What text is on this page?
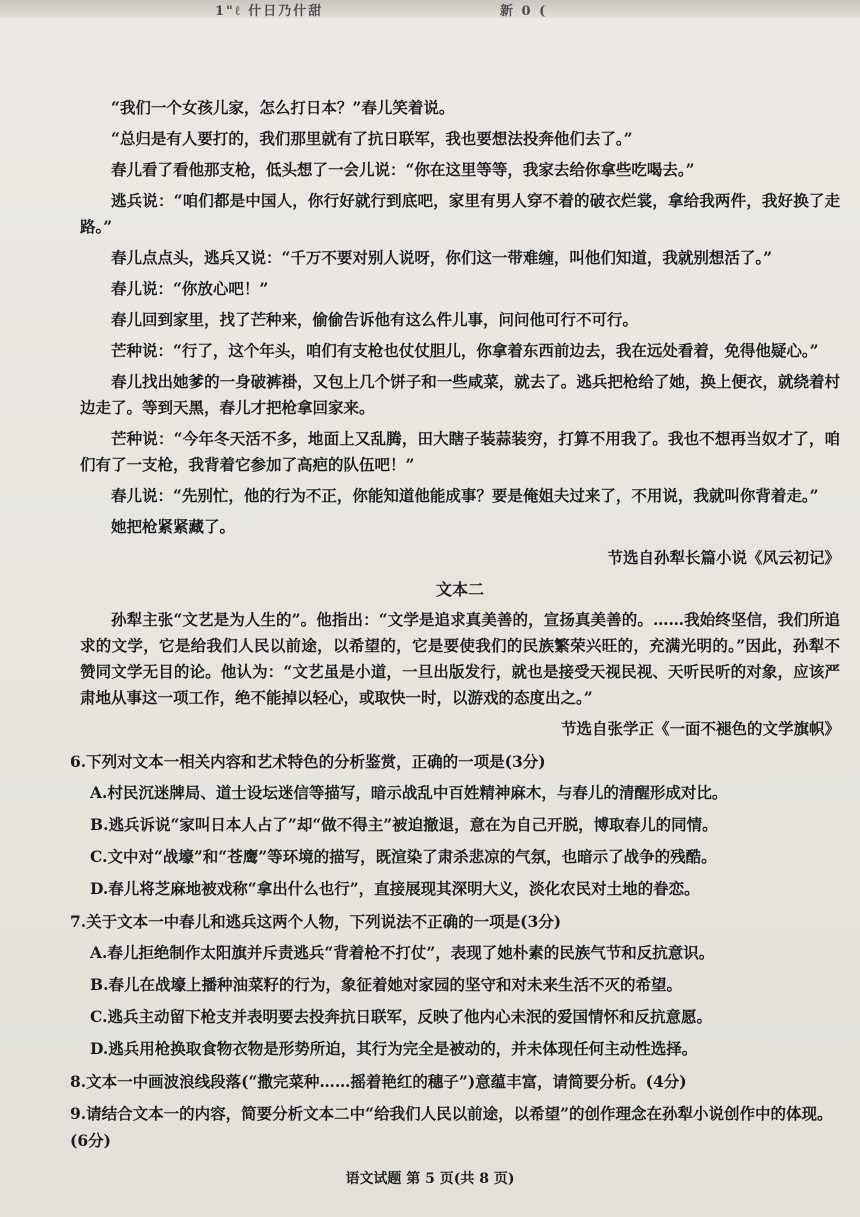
1"ℓ 什日乃什甜	新 0 (

“我们一个女孩儿家，怎么打日本？”春儿笑着说。

“总归是有人要打的，我们那里就有了抗日联军，我也要想法投奔他们去了。”

春儿看了看他那支枪，低头想了一会儿说：“你在这里等等，我家去给你拿些吃喝去。”

逃兵说：“咱们都是中国人，你行好就行到底吧，家里有男人穿不着的破衣烂裳，拿给我两件，我好换了走路。”

春儿点点头，逃兵又说：“千万不要对别人说呀，你们这一带难缠，叫他们知道，我就别想活了。”

春儿说：“你放心吧！”

春儿回到家里，找了芒种来，偷偷告诉他有这么件儿事，问问他可行不可行。

芒种说：“行了，这个年头，咱们有支枪也仗仗胆儿，你拿着东西前边去，我在远处看着，免得他疑心。”

春儿找出她爹的一身破裤褂，又包上几个饼子和一些咸菜，就去了。逃兵把枪给了她，换上便衣，就绕着村边走了。等到天黑，春儿才把枪拿回家来。

芒种说：“今年冬天活不多，地面上又乱腾，田大瞎子装蒜装穷，打算不用我了。我也不想再当奴才了，咱们有了一支枪，我背着它参加了高疤的队伍吧！”

春儿说：“先别忙，他的行为不正，你能知道他能成事？要是俺姐夫过来了，不用说，我就叫你背着走。”

她把枪紧紧藏了。

节选自孙犁长篇小说《风云初记》

文本二

孙犁主张“文艺是为人生的”。他指出：“文学是追求真美善的，宣扬真美善的。……我始终坚信，我们所追求的文学，它是给我们人民以前途，以希望的，它是要使我们的民族繁荣兴旺的，充满光明的。”因此，孙犁不赞同文学无目的论。他认为：“文艺虽是小道，一旦出版发行，就也是接受天视民视、天听民听的对象，应该严肃地从事这一项工作，绝不能掉以轻心，或取快一时，以游戏的态度出之。”

节选自张学正《一面不褪色的文学旗帜》

6.下列对文本一相关内容和艺术特色的分析鉴赏，正确的一项是(3分)
A.村民沉迷牌局、道士设坛迷信等描写，暗示战乱中百姓精神麻木，与春儿的清醒形成对比。
B.逃兵诉说“家叫日本人占了”却“做不得主”被迫撤退，意在为自己开脱，博取春儿的同情。
C.文中对“战壕”和“苍鹰”等环境的描写，既渲染了肃杀悲凉的气氛，也暗示了战争的残酷。
D.春儿将芝麻地被戏称“拿出什么也行”，直接展现其深明大义，淡化农民对土地的眷恋。
7.关于文本一中春儿和逃兵这两个人物，下列说法不正确的一项是(3分)
A.春儿拒绝制作太阳旗并斥责逃兵“背着枪不打仗”，表现了她朴素的民族气节和反抗意识。
B.春儿在战壕上播种油菜籽的行为，象征着她对家园的坚守和对未来生活不灭的希望。
C.逃兵主动留下枪支并表明要去投奔抗日联军，反映了他内心未泯的爱国情怀和反抗意愿。
D.逃兵用枪换取食物衣物是形势所迫，其行为完全是被动的，并未体现任何主动性选择。
8.文本一中画波浪线段落(“撒完菜种……摇着艳红的穗子”)意蕴丰富，请简要分析。(4分)
9.请结合文本一的内容，简要分析文本二中“给我们人民以前途，以希望”的创作理念在孙犁小说创作中的体现。(6分)
语文试题 第 5 页(共 8 页)
